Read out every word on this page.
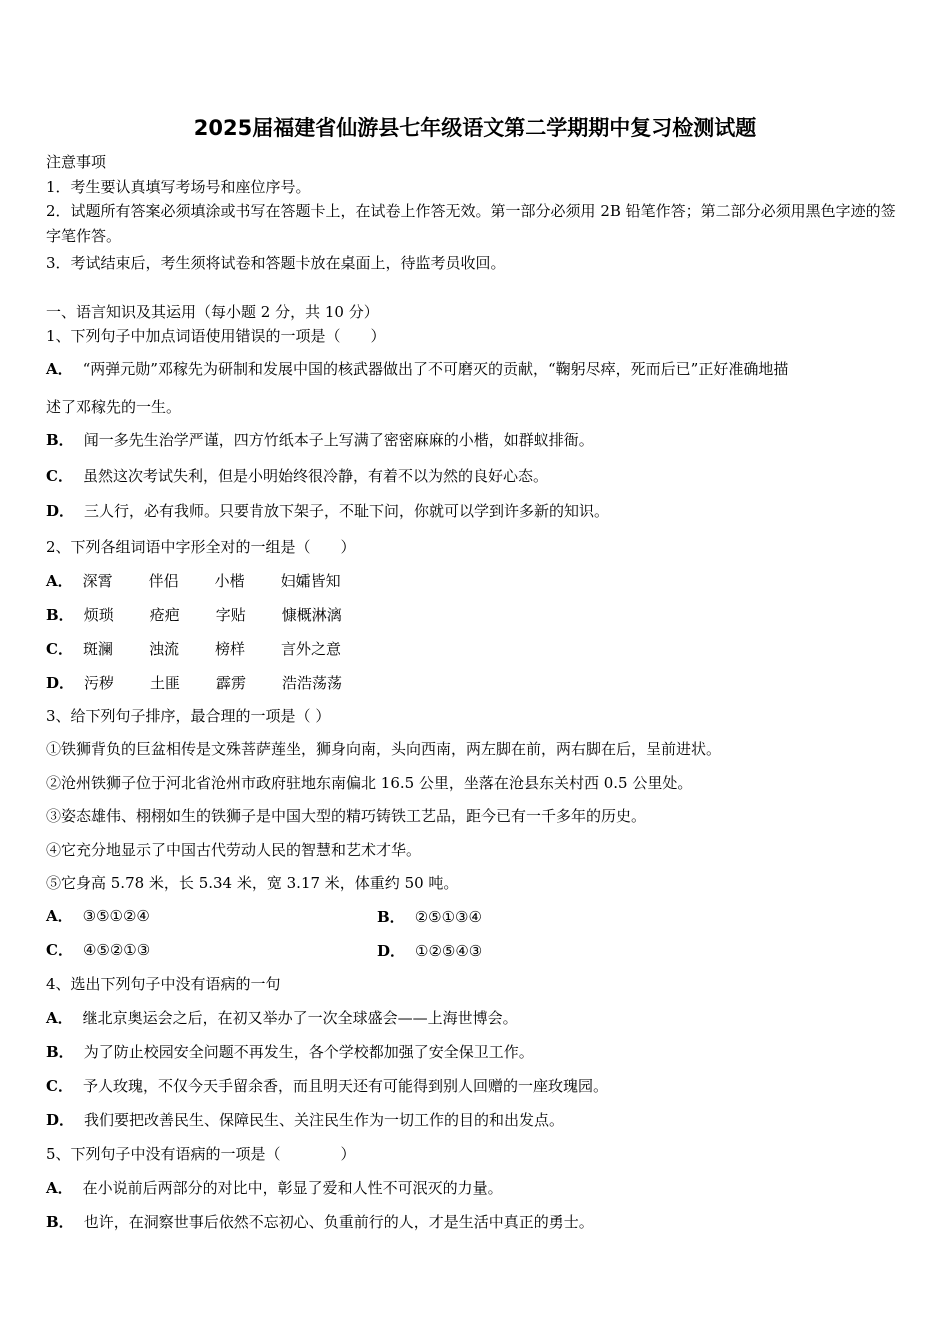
2025届福建省仙游县七年级语文第二学期期中复习检测试题
注意事项
1．考生要认真填写考场号和座位序号。
2．试题所有答案必须填涂或书写在答题卡上，在试卷上作答无效。第一部分必须用 2B 铅笔作答；第二部分必须用黑色字迹的签字笔作答。
3．考试结束后，考生须将试卷和答题卡放在桌面上，待监考员收回。
一、语言知识及其运用（每小题 2 分，共 10 分）
1、下列句子中加点词语使用错误的一项是（　　）
A． “两弹元勋”邓稼先为研制和发展中国的核武器做出了不可磨灭的贡献，“鞠躬尽瘁，死而后已”正好准确地描
述了邓稼先的一生。
B． 闻一多先生治学严谨，四方竹纸本子上写满了密密麻麻的小楷，如群蚁排衙。
C． 虽然这次考试失利，但是小明始终很冷静，有着不以为然的良好心态。
D． 三人行，必有我师。只要肯放下架子，不耻下问，你就可以学到许多新的知识。
2、下列各组词语中字形全对的一组是（　　）
A． 深霄 伴侣 小楷 妇孀皆知
B． 烦琐 疮疤 字贴 慷概淋漓
C． 斑澜 浊流 榜样 言外之意
D． 污秽 土匪 霹雳 浩浩荡荡
3、给下列句子排序，最合理的一项是（ ）
①铁狮背负的巨盆相传是文殊菩萨莲坐，狮身向南，头向西南，两左脚在前，两右脚在后，呈前进状。
②沧州铁狮子位于河北省沧州市政府驻地东南偏北 16.5 公里，坐落在沧县东关村西 0.5 公里处。
③姿态雄伟、栩栩如生的铁狮子是中国大型的精巧铸铁工艺品，距今已有一千多年的历史。
④它充分地显示了中国古代劳动人民的智慧和艺术才华。
⑤它身高 5.78 米，长 5.34 米，宽 3.17 米，体重约 50 吨。
A． ③⑤①②④	B． ②⑤①③④
C． ④⑤②①③	D． ①②⑤④③
4、选出下列句子中没有语病的一句
A． 继北京奥运会之后，在初又举办了一次全球盛会——上海世博会。
B． 为了防止校园安全问题不再发生，各个学校都加强了安全保卫工作。
C． 予人玫瑰，不仅今天手留余香，而且明天还有可能得到别人回赠的一座玫瑰园。
D． 我们要把改善民生、保障民生、关注民生作为一切工作的目的和出发点。
5、下列句子中没有语病的一项是（　　　　）
A． 在小说前后两部分的对比中，彰显了爱和人性不可泯灭的力量。
B． 也许，在洞察世事后依然不忘初心、负重前行的人，才是生活中真正的勇士。
